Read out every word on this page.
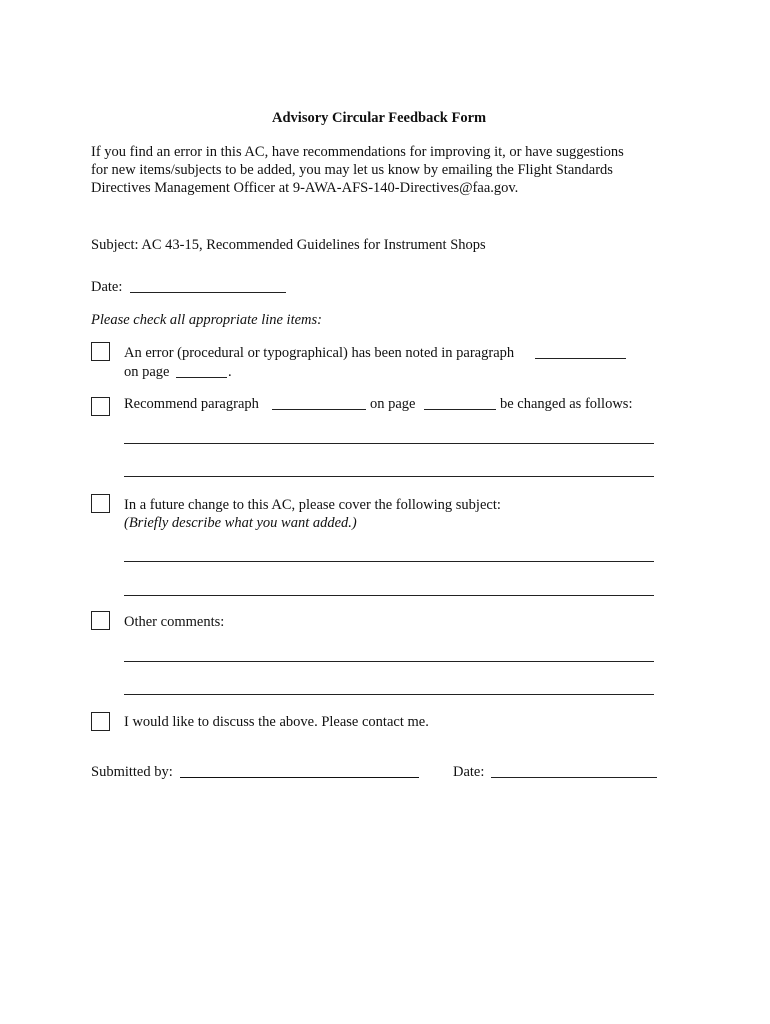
Advisory Circular Feedback Form
If you find an error in this AC, have recommendations for improving it, or have suggestions
for new items/subjects to be added, you may let us know by emailing the Flight Standards
Directives Management Officer at 9-AWA-AFS-140-Directives@faa.gov.
Subject: AC 43-15, Recommended Guidelines for Instrument Shops
Date:
Please check all appropriate line items:
An error (procedural or typographical) has been noted in paragraph
on page	.
Recommend paragraph	on page	be changed as follows:
In a future change to this AC, please cover the following subject:
(Briefly describe what you want added.)
Other comments:
I would like to discuss the above. Please contact me.
Submitted by:	Date:
